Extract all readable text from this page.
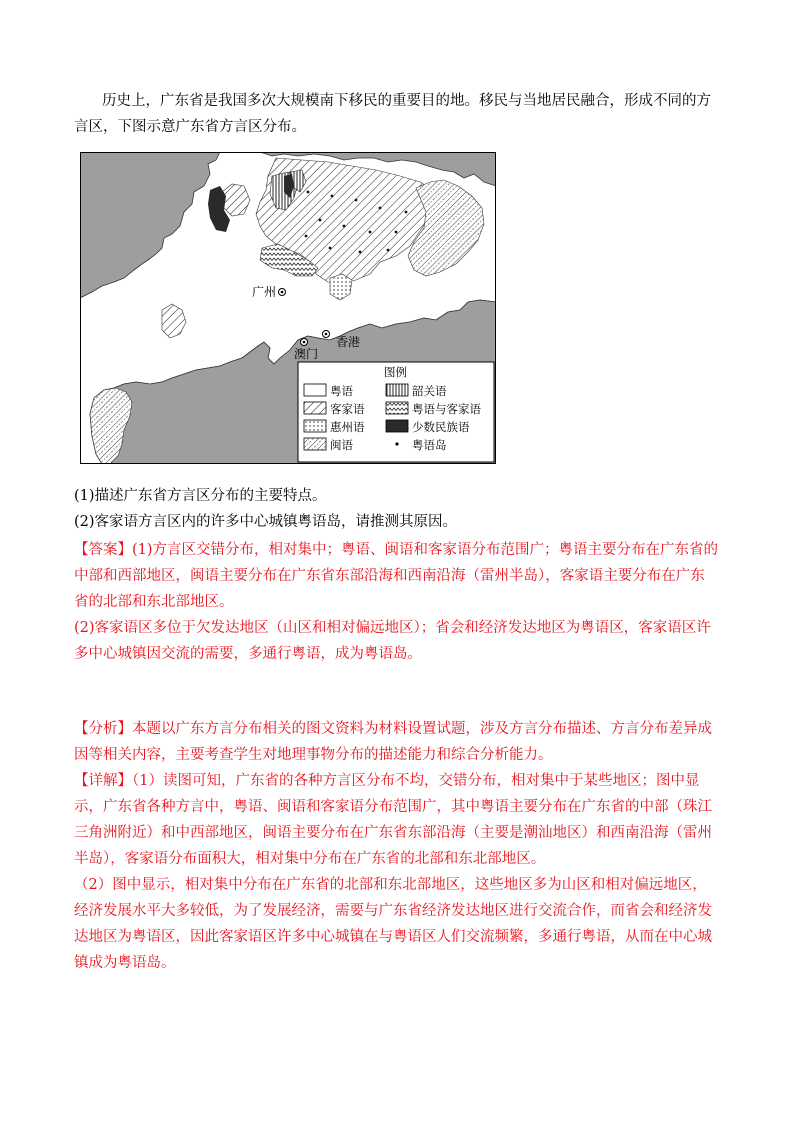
历史上，广东省是我国多次大规模南下移民的重要目的地。移民与当地居民融合，形成不同的方
言区，下图示意广东省方言区分布。
广州
澳门
香港
图例
粤语	韶关语
客家语	粤语与客家语
惠州语	少数民族语
闽语	粤语岛
(1)描述广东省方言区分布的主要特点。
(2)客家语方言区内的许多中心城镇粤语岛，请推测其原因。
【答案】(1)方言区交错分布，相对集中；粤语、闽语和客家语分布范围广；粤语主要分布在广东省的
中部和西部地区，闽语主要分布在广东省东部沿海和西南沿海（雷州半岛），客家语主要分布在广东
省的北部和东北部地区。
(2)客家语区多位于欠发达地区（山区和相对偏远地区）；省会和经济发达地区为粤语区，客家语区许
多中心城镇因交流的需要，多通行粤语，成为粤语岛。
【分析】本题以广东方言分布相关的图文资料为材料设置试题，涉及方言分布描述、方言分布差异成
因等相关内容，主要考查学生对地理事物分布的描述能力和综合分析能力。
【详解】（1）读图可知，广东省的各种方言区分布不均，交错分布，相对集中于某些地区；图中显
示，广东省各种方言中，粤语、闽语和客家语分布范围广，其中粤语主要分布在广东省的中部（珠江
三角洲附近）和中西部地区，闽语主要分布在广东省东部沿海（主要是潮汕地区）和西南沿海（雷州
半岛），客家语分布面积大，相对集中分布在广东省的北部和东北部地区。
（2）图中显示，相对集中分布在广东省的北部和东北部地区，这些地区多为山区和相对偏远地区，
经济发展水平大多较低，为了发展经济，需要与广东省经济发达地区进行交流合作，而省会和经济发
达地区为粤语区，因此客家语区许多中心城镇在与粤语区人们交流频繁，多通行粤语，从而在中心城
镇成为粤语岛。
